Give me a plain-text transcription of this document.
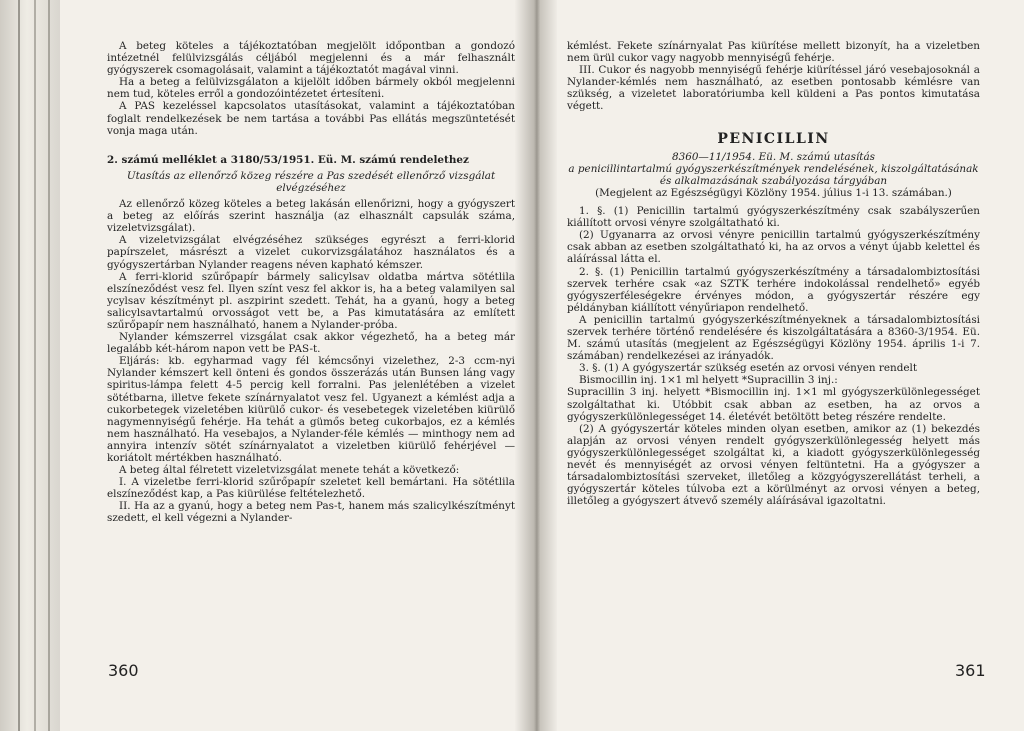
A beteg köteles a tájékoztatóban megjelölt időpontban a gondozó intézetnél felülvizsgálás céljából megjelenni és a már felhasznált gyógyszerek csomagolásait, valamint a tájékoztatót magával vinni.

Ha a beteg a felülvizsgálaton a kijelölt időben bármely okból megjelenni nem tud, köteles erről a gondozóintézetet értesíteni.

A PAS kezeléssel kapcsolatos utasításokat, valamint a tájékoztatóban foglalt rendelkezések be nem tartása a további Pas ellátás megszüntetését vonja maga után.

2. számú melléklet a 3180/53/1951. Eü. M. számú rendelethez

Utasítás az ellenőrző közeg részére a Pas szedését ellenőrző vizsgálat elvégzéséhez

Az ellenőrző közeg köteles a beteg lakásán ellenőrizni, hogy a gyógyszert a beteg az előírás szerint használja (az elhasznált capsulák száma, vizeletvizsgálat).

A vizeletvizsgálat elvégzéséhez szükséges egyrészt a ferri-klorid papírszelet, másrészt a vizelet cukorvizsgálatához használatos és a gyógyszertárban Nylander reagens néven kapható kémszer.

A ferri-klorid szűrőpapír bármely salicylsav oldatba mártva sötétlila elszíneződést vesz fel. Ilyen színt vesz fel akkor is, ha a beteg valamilyen sal ycylsav készítményt pl. aszpirint szedett. Tehát, ha a gyanú, hogy a beteg salicylsavtartalmú orvosságot vett be, a Pas kimutatására az említett szűrőpapír nem használható, hanem a Nylander-próba.

Nylander kémszerrel vizsgálat csak akkor végezhető, ha a beteg már legalább két-három napon vett be PAS-t.

Eljárás: kb. egyharmad vagy fél kémcsőnyi vizelethez, 2-3 ccm-nyi Nylander kémszert kell önteni és gondos összerázás után Bunsen láng vagy spiritus-lámpa felett 4-5 percig kell forralni. Pas jelenlétében a vizelet sötétbarna, illetve fekete színárnyalatot vesz fel. Ugyanezt a kémlést adja a cukorbetegek vizeletében kiürülő cukor- és vesebetegek vizeletében kiürülő nagymennyiségű fehérje. Ha tehát a gümős beteg cukorbajos, ez a kémlés nem használható. Ha vesebajos, a Nylander-féle kémlés — minthogy nem ad annyira intenzív sötét színárnyalatot a vizeletben kiürülő fehérjével — koriátolt mértékben használható.

A beteg által félretett vizeletvizsgálat menete tehát a következő:

I. A vizeletbe ferri-klorid szűrőpapír szeletet kell bemártani. Ha sötétlila elszíneződést kap, a Pas kiürülése feltételezhető.

II. Ha az a gyanú, hogy a beteg nem Pas-t, hanem más szalicylkészítményt szedett, el kell végezni a Nylander-

kémlést. Fekete színárnyalat Pas kiürítése mellett bizonyít, ha a vizeletben nem ürül cukor vagy nagyobb mennyiségű fehérje.

III. Cukor és nagyobb mennyiségű fehérje kiürítéssel járó vesebajosoknál a Nylander-kémlés nem használható, az esetben pontosabb kémlésre van szükség, a vizeletet laboratóriumba kell küldeni a Pas pontos kimutatása végett.

PENICILLIN

8360—11/1954. Eü. M. számú utasítás

a penicillintartalmú gyógyszerkészítmények rendelésének, kiszolgáltatásának és alkalmazásának szabályozása tárgyában

(Megjelent az Egészségügyi Közlöny 1954. július 1-i 13. számában.)

1. §. (1) Penicillin tartalmú gyógyszerkészítmény csak szabályszerűen kiállított orvosi vényre szolgáltatható ki.

(2) Ugyanarra az orvosi vényre penicillin tartalmú gyógyszerkészítmény csak abban az esetben szolgáltatható ki, ha az orvos a vényt újabb kelettel és aláírással látta el.

2. §. (1) Penicillin tartalmú gyógyszerkészítmény a társadalombiztosítási szervek terhére csak «az SZTK terhére indokolással rendelhető» egyéb gyógyszerféleségekre érvényes módon, a gyógyszertár részére egy példányban kiállított vényűriapon rendelhető.

A penicillin tartalmú gyógyszerkészítményeknek a társadalombiztosítási szervek terhére történő rendelésére és kiszolgáltatására a 8360-3/1954. Eü. M. számú utasítás (megjelent az Egészségügyi Közlöny 1954. április 1-i 7. számában) rendelkezései az irányadók.

3. §. (1) A gyógyszertár szükség esetén az orvosi vényen rendelt

Bismocillin inj. 1×1 ml helyett *Supracillin 3 inj.:

Supracillin 3 inj. helyett *Bismocillin inj. 1×1 ml gyógyszerkülönlegességet szolgáltathat ki. Utóbbit csak abban az esetben, ha az orvos a gyógyszerkülönlegességet 14. életévét betöltött beteg részére rendelte.

(2) A gyógyszertár köteles minden olyan esetben, amikor az (1) bekezdés alapján az orvosi vényen rendelt gyógyszerkülönlegesség helyett más gyógyszerkülönlegességet szolgáltat ki, a kiadott gyógyszerkülönlegesség nevét és mennyiségét az orvosi vényen feltüntetni. Ha a gyógyszer a társadalombiztosítási szerveket, illetőleg a közgyógyszerellátást terheli, a gyógyszertár köteles túlvoba ezt a körülményt az orvosi vényen a beteg, illetőleg a gyógyszert átvevő személy aláírásával igazoltatni.

360	361
